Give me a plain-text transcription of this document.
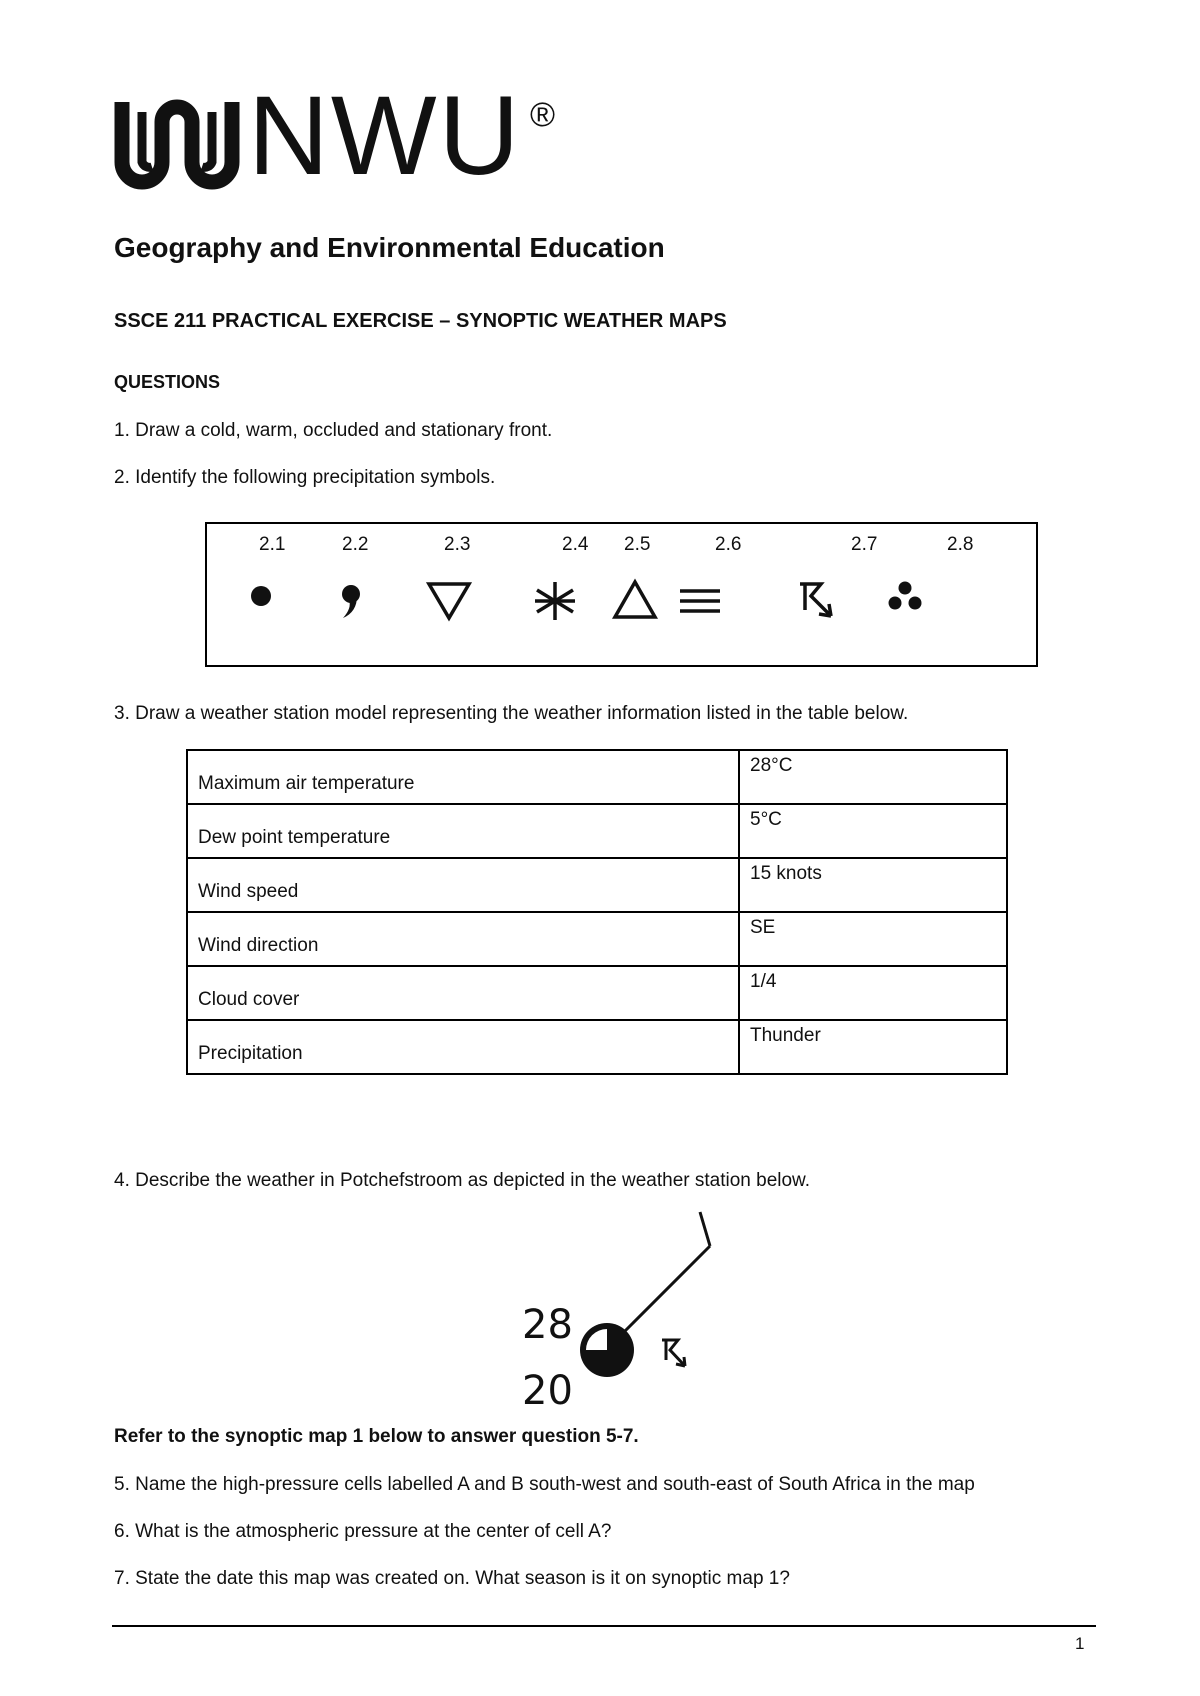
NWU ®
Geography and Environmental Education
SSCE 211 PRACTICAL EXERCISE – SYNOPTIC WEATHER MAPS
QUESTIONS
1. Draw a cold, warm, occluded and stationary front.
2. Identify the following precipitation symbols.
2.1	2.2	2.3	2.4 2.5	2.6	2.7	2.8
3. Draw a weather station model representing the weather information listed in the table below.
Maximum air temperature	28°C
Dew point temperature	5°C
Wind speed	15 knots
Wind direction	SE
Cloud cover	1/4
Precipitation	Thunder
4. Describe the weather in Potchefstroom as depicted in the weather station below.
28
20
Refer to the synoptic map 1 below to answer question 5-7.
5. Name the high-pressure cells labelled A and B south-west and south-east of South Africa in the map
6. What is the atmospheric pressure at the center of cell A?
7. State the date this map was created on. What season is it on synoptic map 1?
1
